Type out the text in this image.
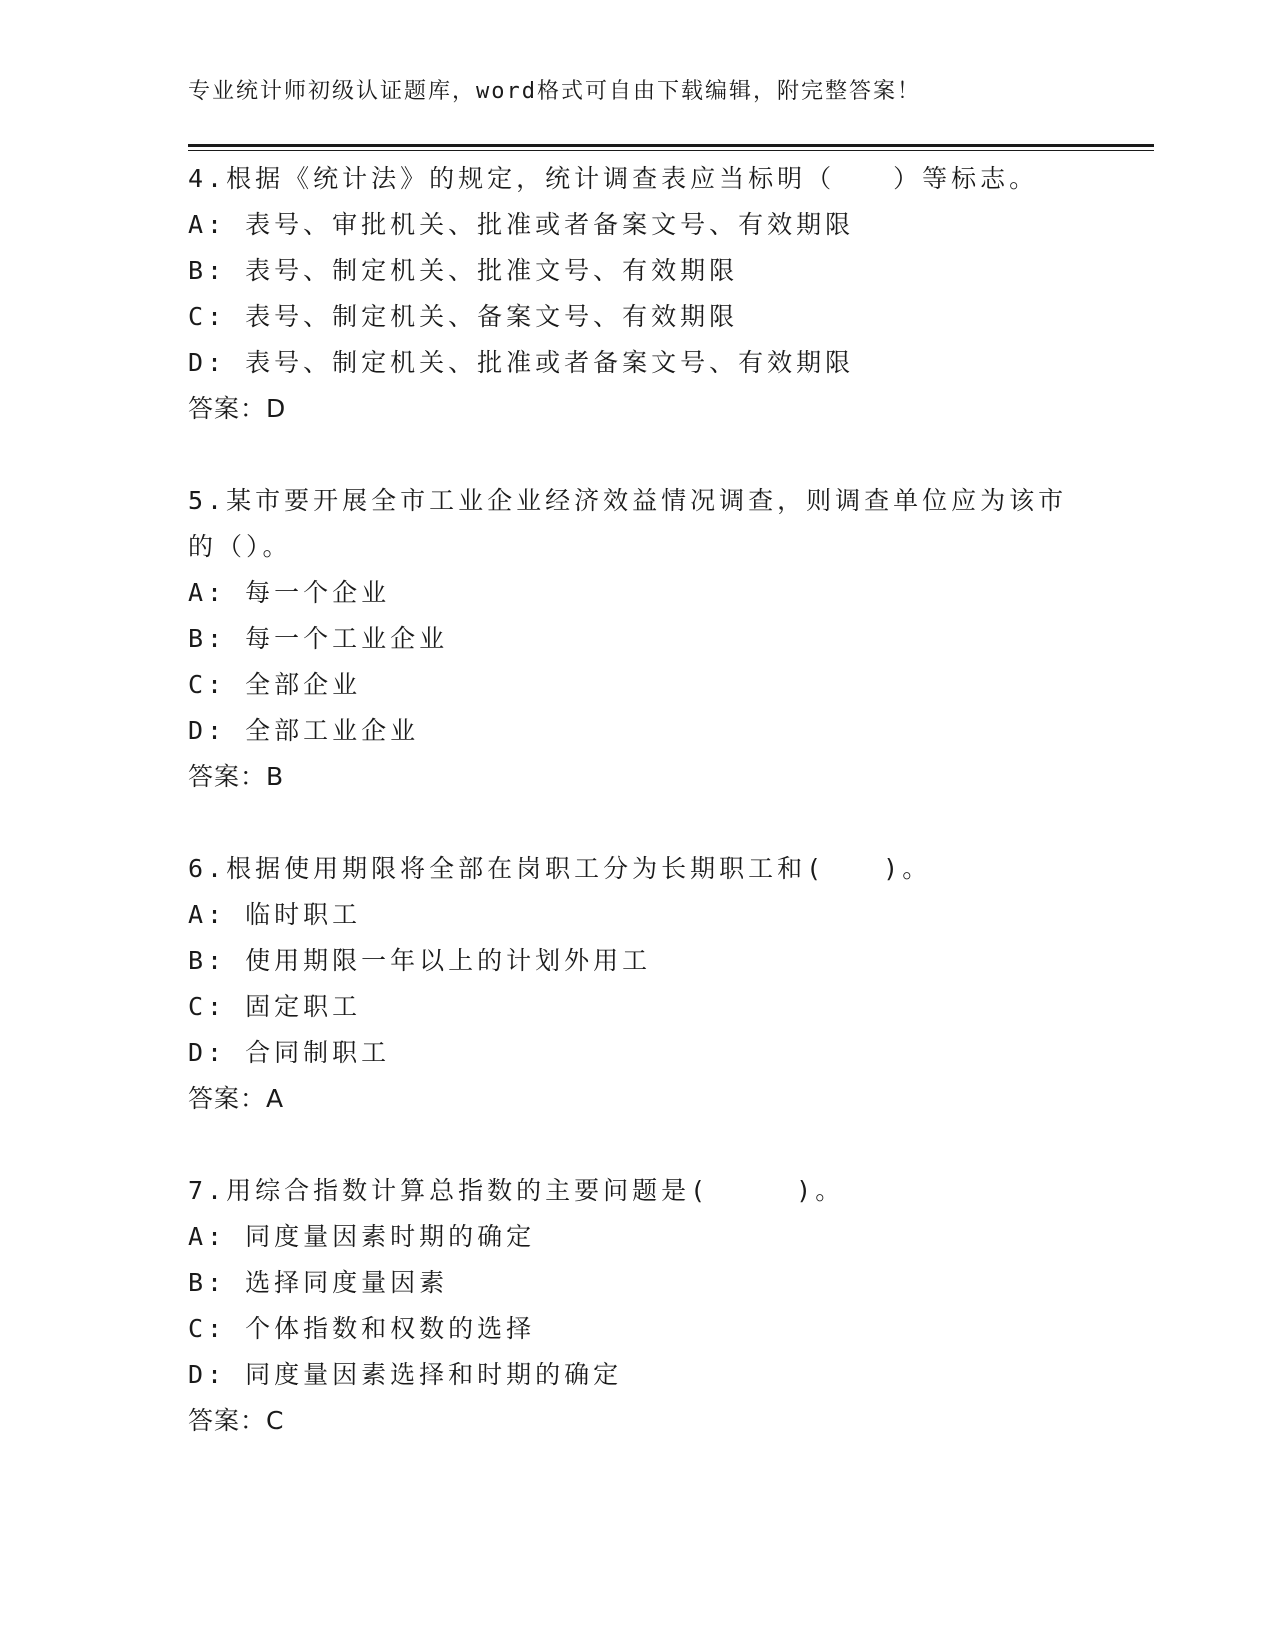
专业统计师初级认证题库，word格式可自由下载编辑，附完整答案！
4.根据《统计法》的规定，统计调查表应当标明（　　）等标志。
A: 表号、审批机关、批准或者备案文号、有效期限
B: 表号、制定机关、批准文号、有效期限
C: 表号、制定机关、备案文号、有效期限
D: 表号、制定机关、批准或者备案文号、有效期限
答案：D
5.某市要开展全市工业企业经济效益情况调查，则调查单位应为该市的（）。
A: 每一个企业
B: 每一个工业企业
C: 全部企业
D: 全部工业企业
答案：B
6.根据使用期限将全部在岗职工分为长期职工和(　　)。
A: 临时职工
B: 使用期限一年以上的计划外用工
C: 固定职工
D: 合同制职工
答案：A
7.用综合指数计算总指数的主要问题是(　　　)。
A: 同度量因素时期的确定
B: 选择同度量因素
C: 个体指数和权数的选择
D: 同度量因素选择和时期的确定
答案：C
